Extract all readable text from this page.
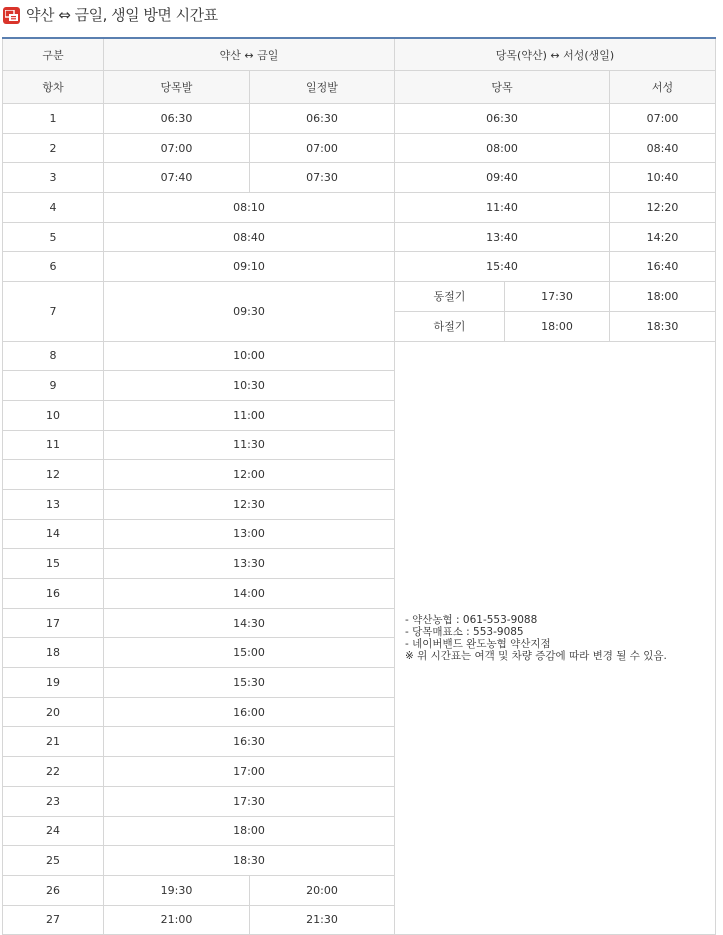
약산 ⇔ 금일, 생일 방면 시간표
구분	약산 ↔ 금일		당목(약산) ↔ 서성(생일)		
항차	당목발	일정발	당목		서성
1	06:30	06:30	06:30		07:00
2	07:00	07:00	08:00		08:40
3	07:40	07:30	09:40		10:40
4	08:10		11:40		12:20
5	08:40		13:40		14:20
6	09:10		15:40		16:40
7	09:30		동절기	17:30	18:00
			하절기	18:00	18:30
8	10:00		- 약산농협 : 061-553-9088
- 당목매표소 : 553-9085
- 네이버밴드 완도농협 약산지점
※ 위 시간표는 여객 및 차량 증감에 따라 변경 될 수 있음.		

9	10:30				
10	11:00				
11	11:30				
12	12:00				
13	12:30				
14	13:00				
15	13:30				
16	14:00				
17	14:30				
18	15:00				
19	15:30				
20	16:00				
21	16:30				
22	17:00				
23	17:30				
24	18:00				
25	18:30				
26	19:30	20:00			
27	21:00	21:30			
